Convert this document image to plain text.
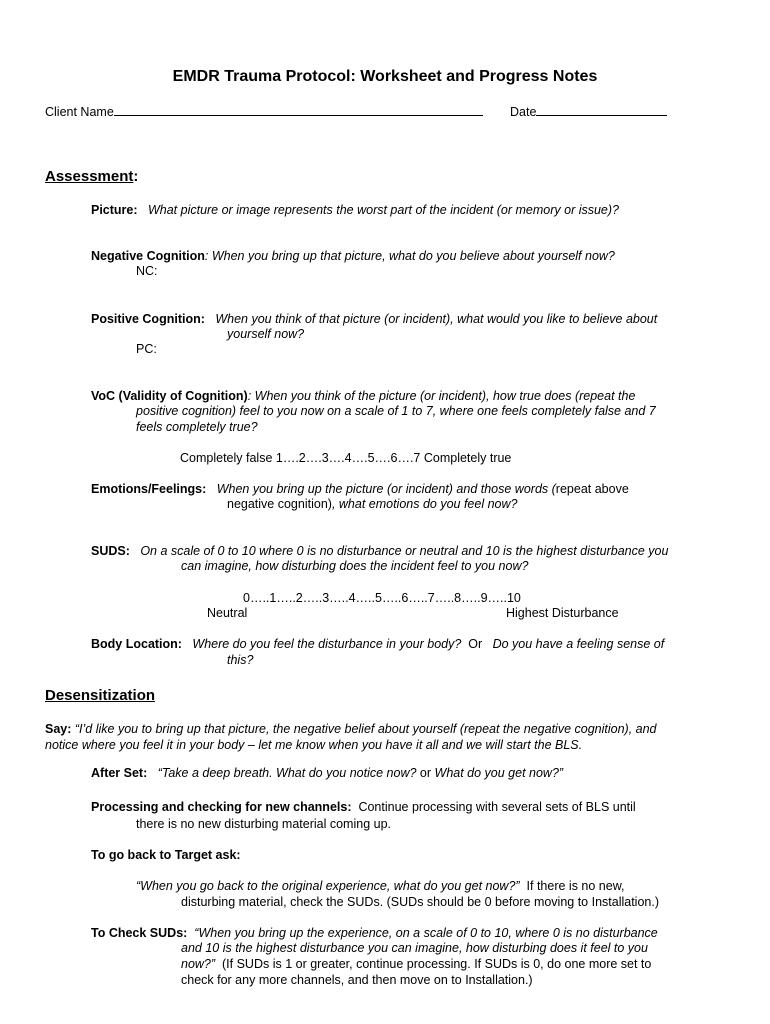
EMDR Trauma Protocol: Worksheet and Progress Notes
Client Name	Date
Assessment:
Picture: What picture or image represents the worst part of the incident (or memory or issue)?
Negative Cognition: When you bring up that picture, what do you believe about yourself now?
NC:
Positive Cognition: When you think of that picture (or incident), what would you like to believe about
yourself now?
PC:
VoC (Validity of Cognition): When you think of the picture (or incident), how true does (repeat the
positive cognition) feel to you now on a scale of 1 to 7, where one feels completely false and 7
feels completely true?
Completely false 1….2….3….4….5….6….7 Completely true
Emotions/Feelings: When you bring up the picture (or incident) and those words (repeat above
negative cognition), what emotions do you feel now?
SUDS: On a scale of 0 to 10 where 0 is no disturbance or neutral and 10 is the highest disturbance you
can imagine, how disturbing does the incident feel to you now?
0…..1…..2…..3…..4…..5…..6…..7…..8…..9…..10
Neutral	Highest Disturbance
Body Location: Where do you feel the disturbance in your body? Or Do you have a feeling sense of
this?
Desensitization
Say: “I’d like you to bring up that picture, the negative belief about yourself (repeat the negative cognition), and
notice where you feel it in your body – let me know when you have it all and we will start the BLS.
After Set: “Take a deep breath. What do you notice now? or What do you get now?”
Processing and checking for new channels: Continue processing with several sets of BLS until
there is no new disturbing material coming up.
To go back to Target ask:
“When you go back to the original experience, what do you get now?” If there is no new,
disturbing material, check the SUDs. (SUDs should be 0 before moving to Installation.)
To Check SUDs: “When you bring up the experience, on a scale of 0 to 10, where 0 is no disturbance
and 10 is the highest disturbance you can imagine, how disturbing does it feel to you
now?” (If SUDs is 1 or greater, continue processing. If SUDs is 0, do one more set to
check for any more channels, and then move on to Installation.)
